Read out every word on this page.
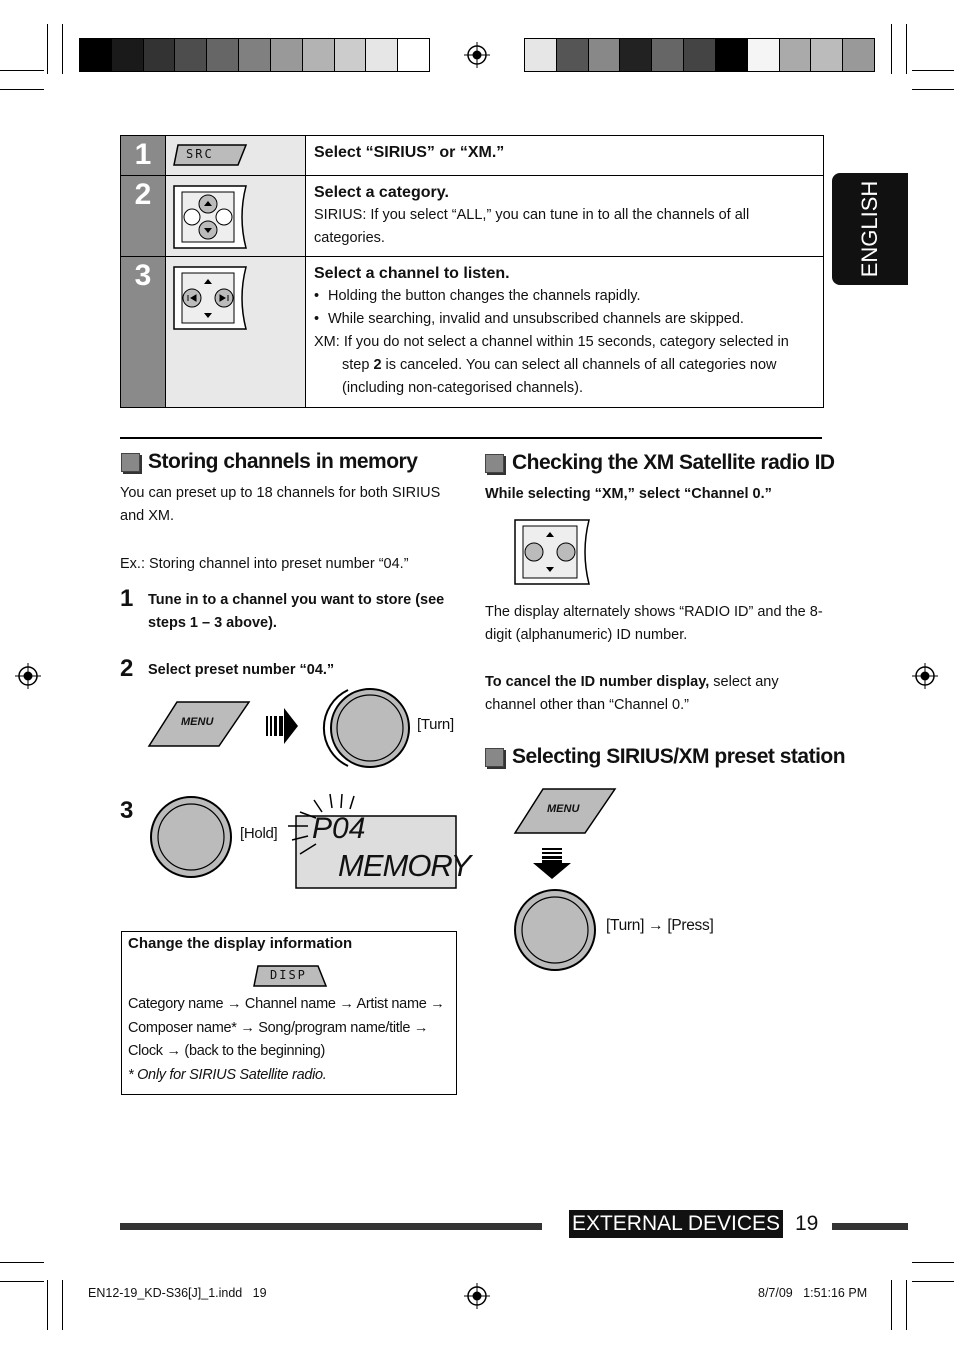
ENGLISH
1	SRC	Select “SIRIUS” or “XM.”
2	Select a category.
SIRIUS: If you select “ALL,” you can tune in to all the channels of all categories.
3	Select a channel to listen.
• Holding the button changes the channels rapidly.
• While searching, invalid and unsubscribed channels are skipped.
XM: If you do not select a channel within 15 seconds, category selected in step 2 is canceled. You can select all channels of all categories now (including non-categorised channels).
Storing channels in memory
You can preset up to 18 channels for both SIRIUS and XM.
Ex.: Storing channel into preset number “04.”
1 Tune in to a channel you want to store (see steps 1 – 3 above).
2 Select preset number “04.”
MENU	[Turn]
3
[Hold] P04
MEMORY
Change the display information
DISP
Category name → Channel name → Artist name →
Composer name* → Song/program name/title →
Clock → (back to the beginning)
* Only for SIRIUS Satellite radio.
Checking the XM Satellite radio ID
While selecting “XM,” select “Channel 0.”
The display alternately shows “RADIO ID” and the 8-digit (alphanumeric) ID number.
To cancel the ID number display, select any channel other than “Channel 0.”
Selecting SIRIUS/XM preset station
MENU
[Turn] → [Press]
EXTERNAL DEVICES 19
EN12-19_KD-S36[J]_1.indd   19	8/7/09   1:51:16 PM
